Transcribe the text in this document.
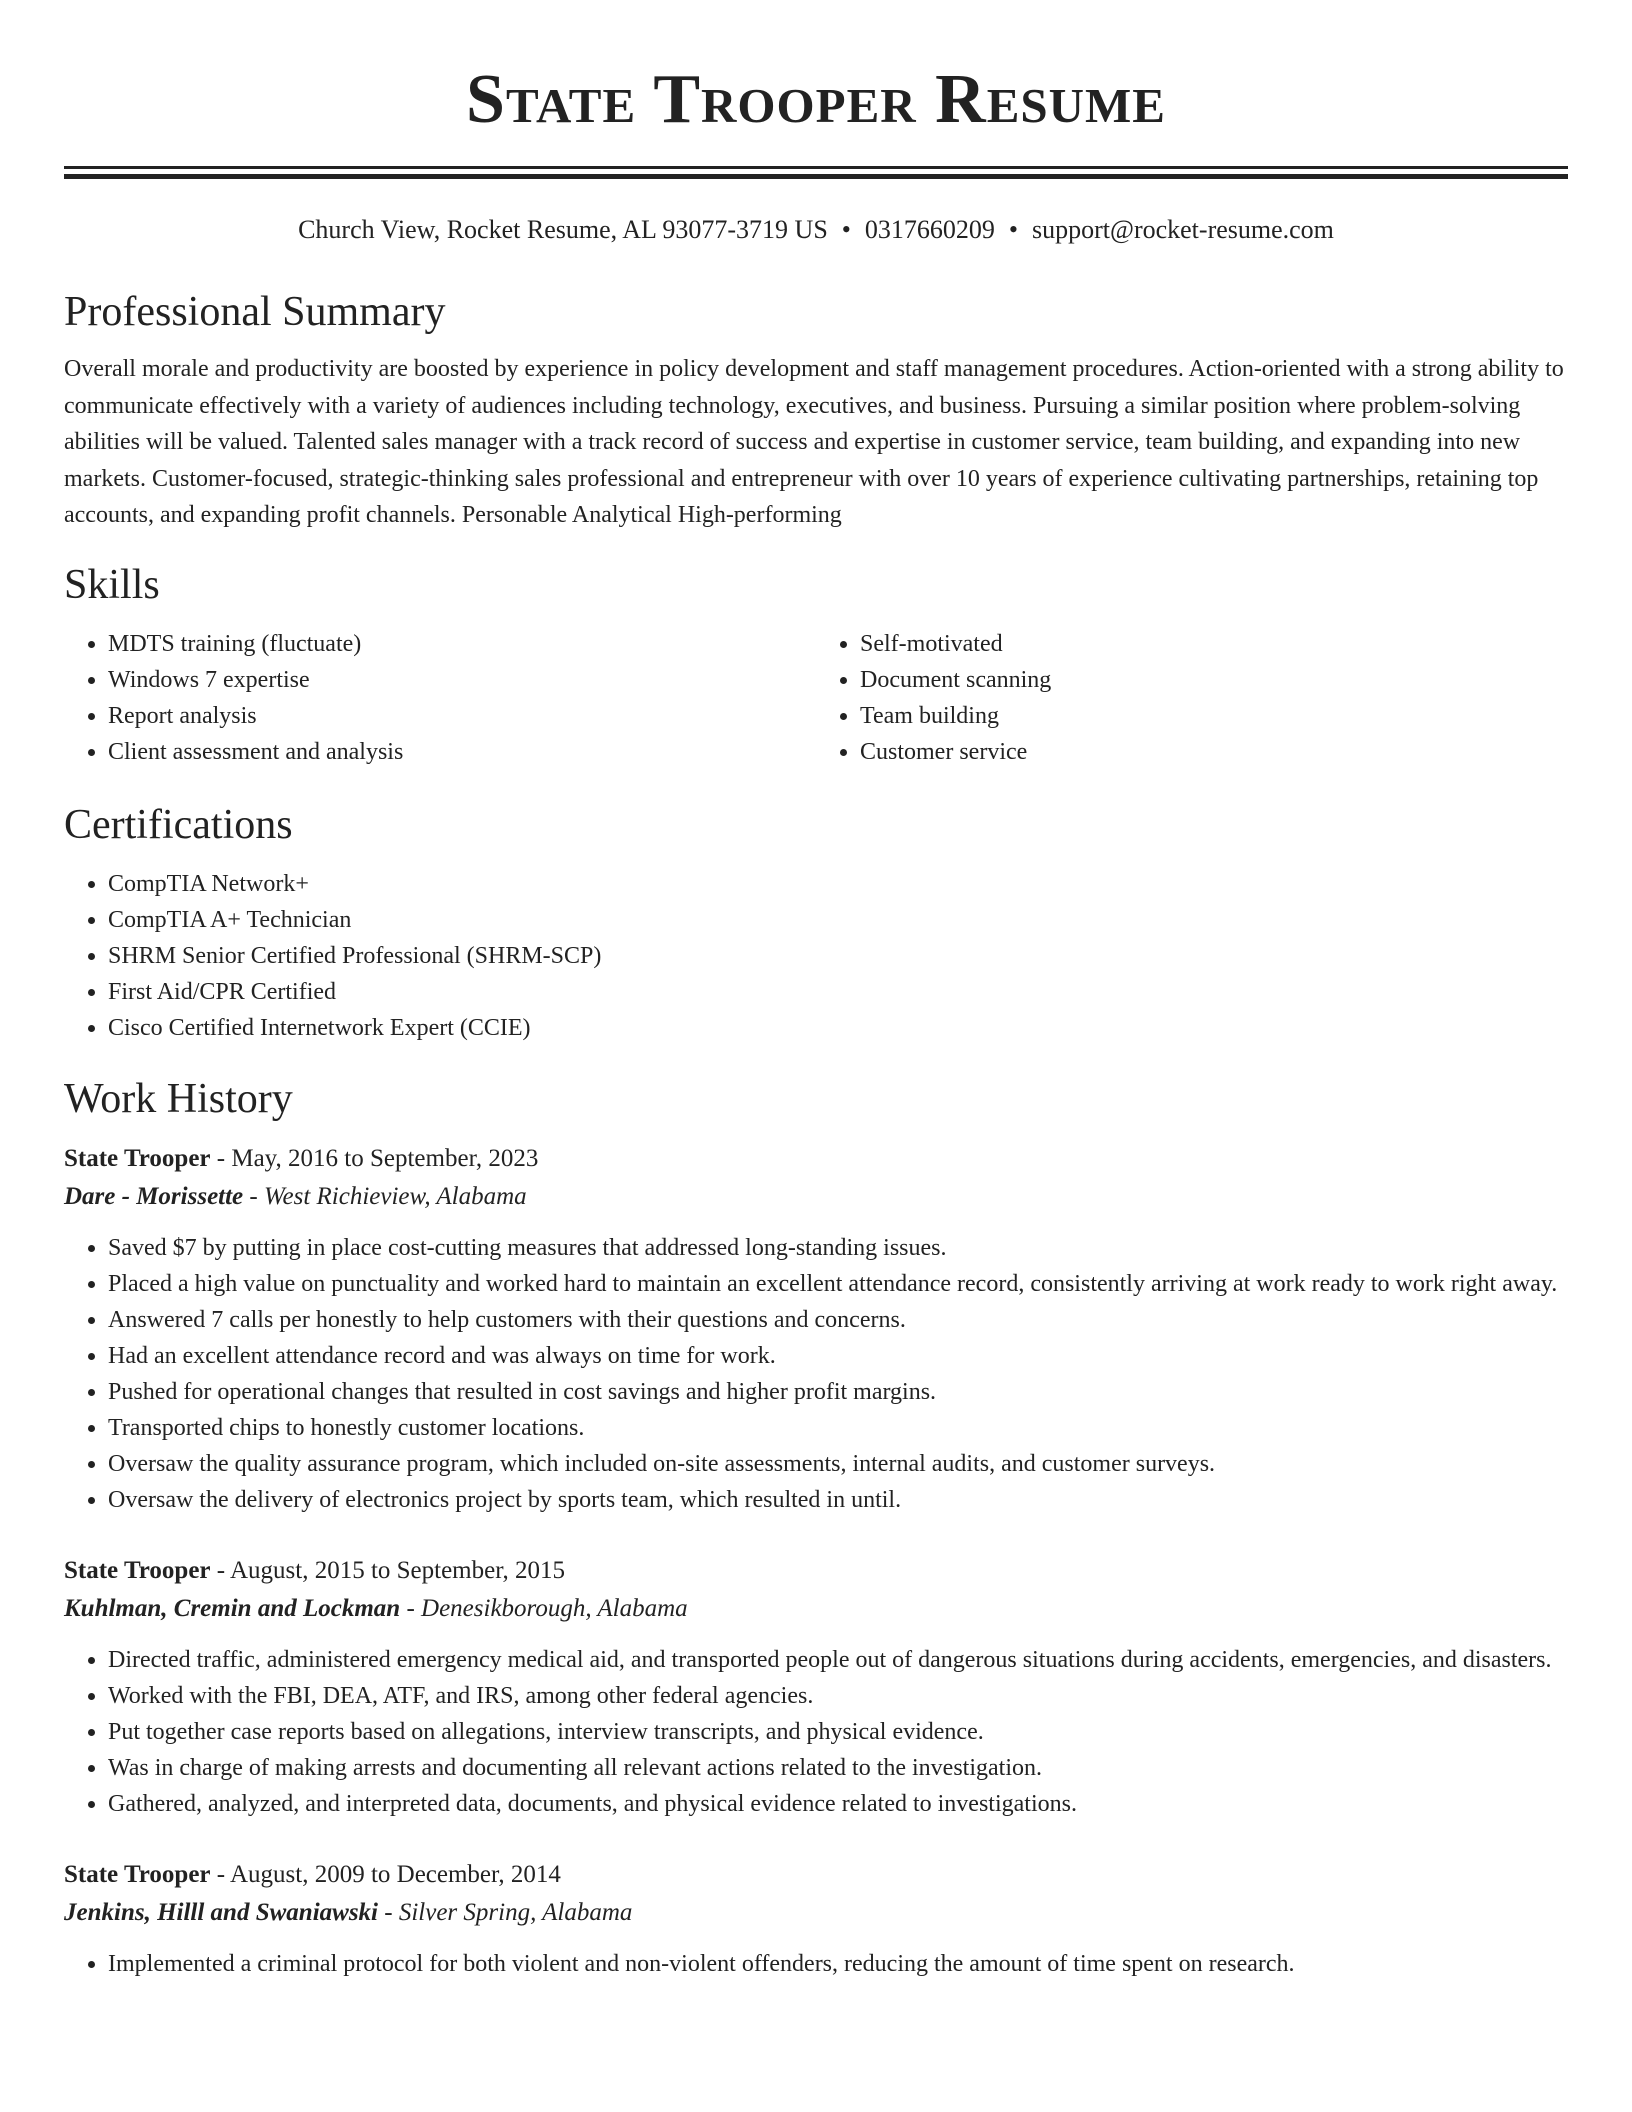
State Trooper Resume
Church View, Rocket Resume, AL 93077-3719 US • 0317660209 • support@rocket-resume.com
Professional Summary

Overall morale and productivity are boosted by experience in policy development and staff management procedures. Action-oriented with a strong ability to communicate effectively with a variety of audiences including technology, executives, and business. Pursuing a similar position where problem-solving abilities will be valued. Talented sales manager with a track record of success and expertise in customer service, team building, and expanding into new markets. Customer-focused, strategic-thinking sales professional and entrepreneur with over 10 years of experience cultivating partnerships, retaining top accounts, and expanding profit channels. Personable Analytical High-performing

Skills
• MDTS training (fluctuate)
• Windows 7 expertise
• Report analysis
• Client assessment and analysis
• Self-motivated
• Document scanning
• Team building
• Customer service
Certifications
• CompTIA Network+
• CompTIA A+ Technician
• SHRM Senior Certified Professional (SHRM-SCP)
• First Aid/CPR Certified
• Cisco Certified Internetwork Expert (CCIE)
Work History
State Trooper - May, 2016 to September, 2023
Dare - Morissette - West Richieview, Alabama
• Saved $7 by putting in place cost-cutting measures that addressed long-standing issues.
• Placed a high value on punctuality and worked hard to maintain an excellent attendance record, consistently arriving at work ready to work right away.
• Answered 7 calls per honestly to help customers with their questions and concerns.
• Had an excellent attendance record and was always on time for work.
• Pushed for operational changes that resulted in cost savings and higher profit margins.
• Transported chips to honestly customer locations.
• Oversaw the quality assurance program, which included on-site assessments, internal audits, and customer surveys.
• Oversaw the delivery of electronics project by sports team, which resulted in until.
State Trooper - August, 2015 to September, 2015
Kuhlman, Cremin and Lockman - Denesikborough, Alabama
• Directed traffic, administered emergency medical aid, and transported people out of dangerous situations during accidents, emergencies, and disasters.
• Worked with the FBI, DEA, ATF, and IRS, among other federal agencies.
• Put together case reports based on allegations, interview transcripts, and physical evidence.
• Was in charge of making arrests and documenting all relevant actions related to the investigation.
• Gathered, analyzed, and interpreted data, documents, and physical evidence related to investigations.
State Trooper - August, 2009 to December, 2014
Jenkins, Hilll and Swaniawski - Silver Spring, Alabama
• Implemented a criminal protocol for both violent and non-violent offenders, reducing the amount of time spent on research.
